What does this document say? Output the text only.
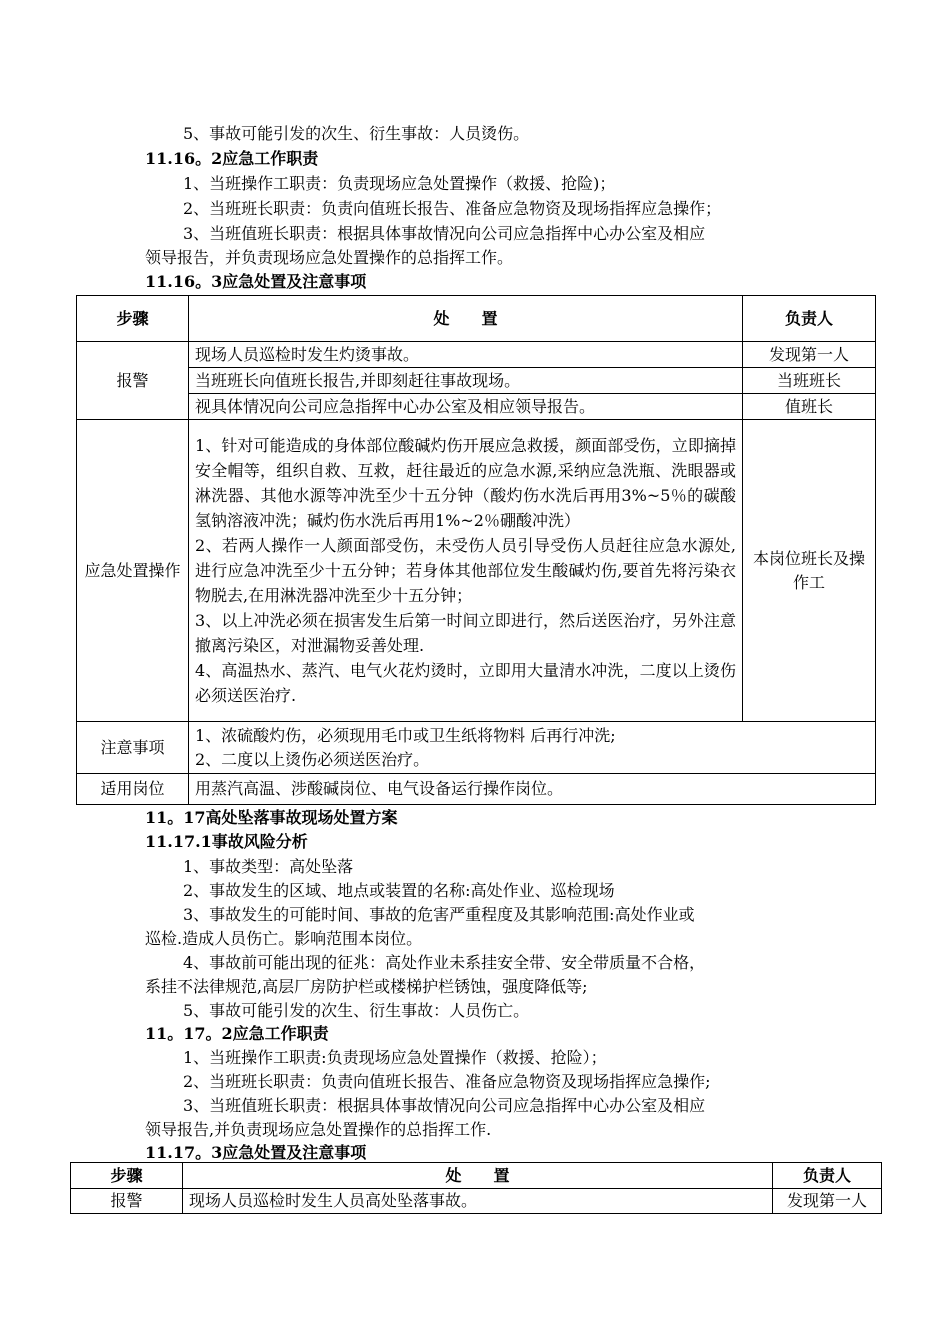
5、事故可能引发的次生、衍生事故：人员烫伤。
11.16。2应急工作职责
1、当班操作工职责：负责现场应急处置操作（救援、抢险)；
2、当班班长职责：负责向值班长报告、准备应急物资及现场指挥应急操作；
3、当班值班长职责：根据具体事故情况向公司应急指挥中心办公室及相应
领导报告，并负责现场应急处置操作的总指挥工作。
11.16。3应急处置及注意事项
步骤	处　　置	负责人
报警	现场人员巡检时发生灼烫事故。	发现第一人
	当班班长向值班长报告,并即刻赶往事故现场。	当班班长
	视具体情况向公司应急指挥中心办公室及相应领导报告。	值班长
应急处置操作	1、针对可能造成的身体部位酸碱灼伤开展应急救援，颜面部受伤，立即摘掉安全帽等，组织自救、互救，赶往最近的应急水源,采纳应急洗瓶、洗眼器或淋洗器、其他水源等冲洗至少十五分钟（酸灼伤水洗后再用3%~5％的碳酸氢钠溶液冲洗；碱灼伤水洗后再用1%~2％硼酸冲洗）
2、若两人操作一人颜面部受伤，未受伤人员引导受伤人员赶往应急水源处,进行应急冲洗至少十五分钟；若身体其他部位发生酸碱灼伤,要首先将污染衣物脱去,在用淋洗器冲洗至少十五分钟；
3、以上冲洗必须在损害发生后第一时间立即进行，然后送医治疗，另外注意撤离污染区，对泄漏物妥善处理.
4、高温热水、蒸汽、电气火花灼烫时，立即用大量清水冲洗，二度以上烫伤必须送医治疗.	本岗位班长及操作工
注意事项	1、浓硫酸灼伤，必须现用毛巾或卫生纸将物料 后再行冲洗;
2、二度以上烫伤必须送医治疗。	

适用岗位	用蒸汽高温、涉酸碱岗位、电气设备运行操作岗位。	
11。17高处坠落事故现场处置方案
11.17.1事故风险分析
1、事故类型：高处坠落
2、事故发生的区域、地点或装置的名称:高处作业、巡检现场
3、事故发生的可能时间、事故的危害严重程度及其影响范围:高处作业或
巡检.造成人员伤亡。影响范围本岗位。
4、事故前可能出现的征兆：高处作业未系挂安全带、安全带质量不合格，
系挂不法律规范,高层厂房防护栏或楼梯护栏锈蚀，强度降低等;
5、事故可能引发的次生、衍生事故：人员伤亡。
11。17。2应急工作职责
1、当班操作工职责:负责现场应急处置操作（救援、抢险）；
2、当班班长职责：负责向值班长报告、准备应急物资及现场指挥应急操作;
3、当班值班长职责：根据具体事故情况向公司应急指挥中心办公室及相应
领导报告,并负责现场应急处置操作的总指挥工作.
11.17。3应急处置及注意事项
步骤	处　　置	负责人
报警	现场人员巡检时发生人员高处坠落事故。	发现第一人
